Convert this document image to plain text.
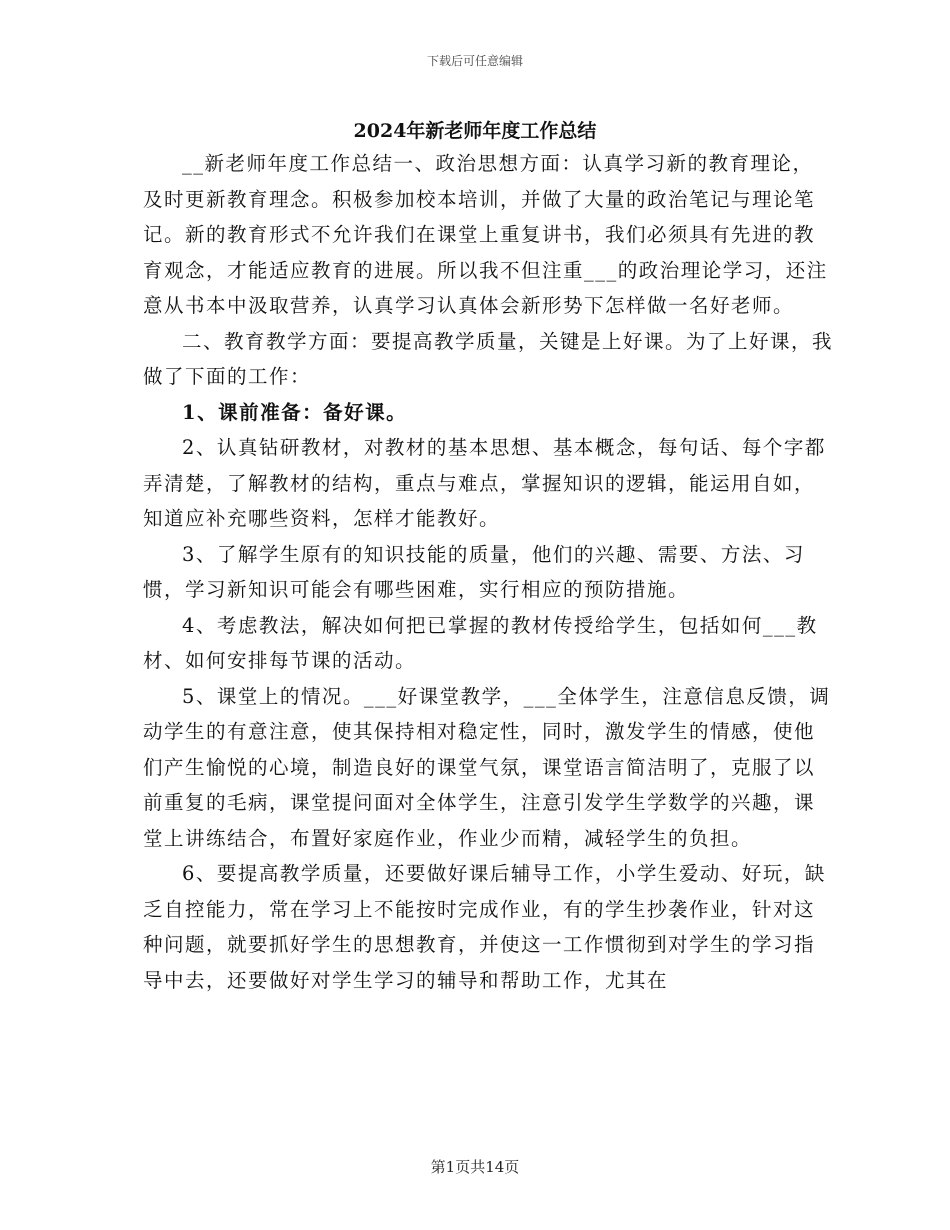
下载后可任意编辑
2024年新老师年度工作总结

__新老师年度工作总结一、政治思想方面：认真学习新的教育理论，及时更新教育理念。积极参加校本培训，并做了大量的政治笔记与理论笔记。新的教育形式不允许我们在课堂上重复讲书，我们必须具有先进的教育观念，才能适应教育的进展。所以我不但注重___的政治理论学习，还注意从书本中汲取营养，认真学习认真体会新形势下怎样做一名好老师。

二、教育教学方面：要提高教学质量，关键是上好课。为了上好课，我做了下面的工作：

1、课前准备：备好课。

2、认真钻研教材，对教材的基本思想、基本概念，每句话、每个字都弄清楚，了解教材的结构，重点与难点，掌握知识的逻辑，能运用自如，知道应补充哪些资料，怎样才能教好。

3、了解学生原有的知识技能的质量，他们的兴趣、需要、方法、习惯，学习新知识可能会有哪些困难，实行相应的预防措施。

4、考虑教法，解决如何把已掌握的教材传授给学生，包括如何___教材、如何安排每节课的活动。

5、课堂上的情况。___好课堂教学，___全体学生，注意信息反馈，调动学生的有意注意，使其保持相对稳定性，同时，激发学生的情感，使他们产生愉悦的心境，制造良好的课堂气氛，课堂语言简洁明了，克服了以前重复的毛病，课堂提问面对全体学生，注意引发学生学数学的兴趣，课堂上讲练结合，布置好家庭作业，作业少而精，减轻学生的负担。

6、要提高教学质量，还要做好课后辅导工作，小学生爱动、好玩，缺乏自控能力，常在学习上不能按时完成作业，有的学生抄袭作业，针对这种问题，就要抓好学生的思想教育，并使这一工作惯彻到对学生的学习指导中去，还要做好对学生学习的辅导和帮助工作，尤其在

第1页共14页
